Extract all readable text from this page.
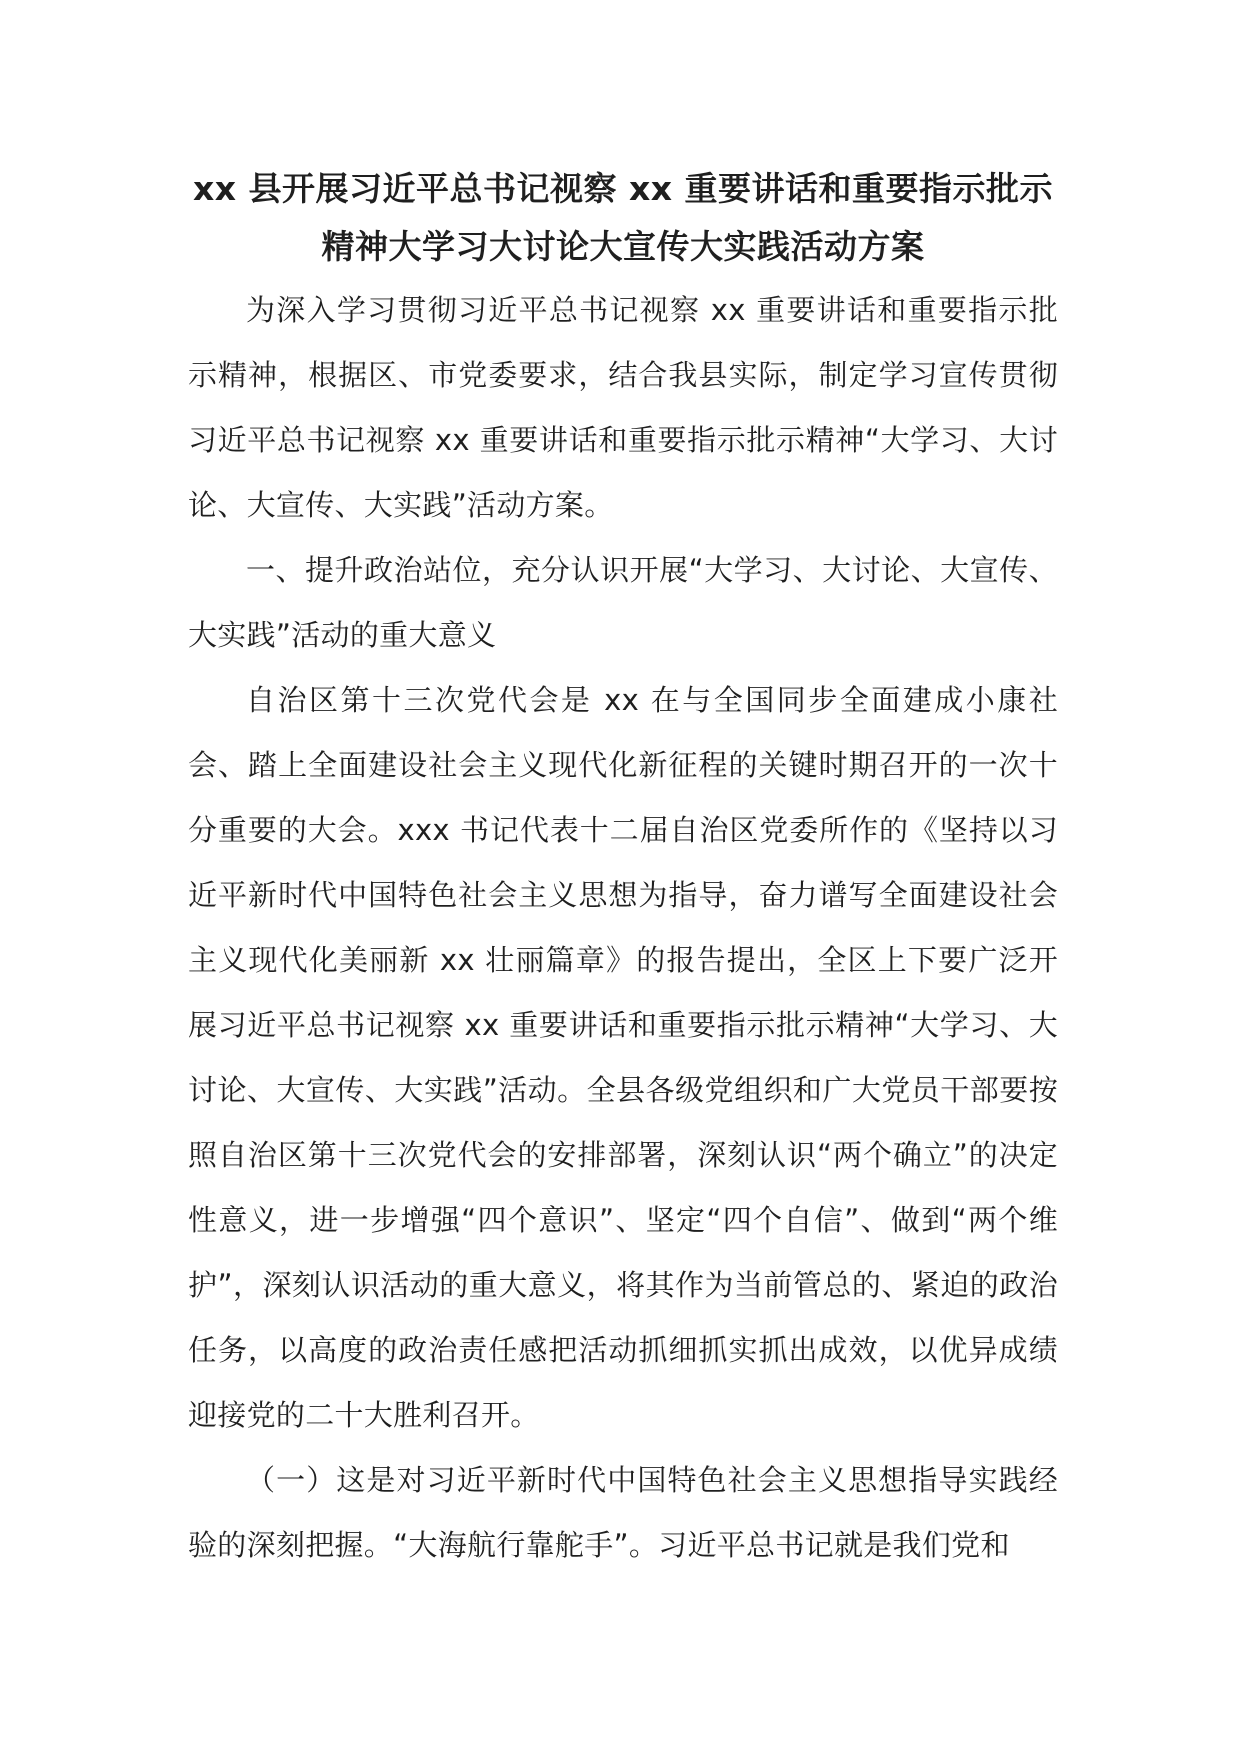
xx 县开展习近平总书记视察 xx 重要讲话和重要指示批示
精神大学习大讨论大宣传大实践活动方案

为深入学习贯彻习近平总书记视察 xx 重要讲话和重要指示批示精神，根据区、市党委要求，结合我县实际，制定学习宣传贯彻习近平总书记视察 xx 重要讲话和重要指示批示精神“大学习、大讨论、大宣传、大实践”活动方案。

一、提升政治站位，充分认识开展“大学习、大讨论、大宣传、大实践”活动的重大意义

自治区第十三次党代会是 xx 在与全国同步全面建成小康社会、踏上全面建设社会主义现代化新征程的关键时期召开的一次十分重要的大会。xxx 书记代表十二届自治区党委所作的《坚持以习近平新时代中国特色社会主义思想为指导，奋力谱写全面建设社会主义现代化美丽新 xx 壮丽篇章》的报告提出，全区上下要广泛开展习近平总书记视察 xx 重要讲话和重要指示批示精神“大学习、大讨论、大宣传、大实践”活动。全县各级党组织和广大党员干部要按照自治区第十三次党代会的安排部署，深刻认识“两个确立”的决定性意义，进一步增强“四个意识”、坚定“四个自信”、做到“两个维护”，深刻认识活动的重大意义，将其作为当前管总的、紧迫的政治任务，以高度的政治责任感把活动抓细抓实抓出成效，以优异成绩迎接党的二十大胜利召开。

（一）这是对习近平新时代中国特色社会主义思想指导实践经验的深刻把握。“大海航行靠舵手”。习近平总书记就是我们党和
